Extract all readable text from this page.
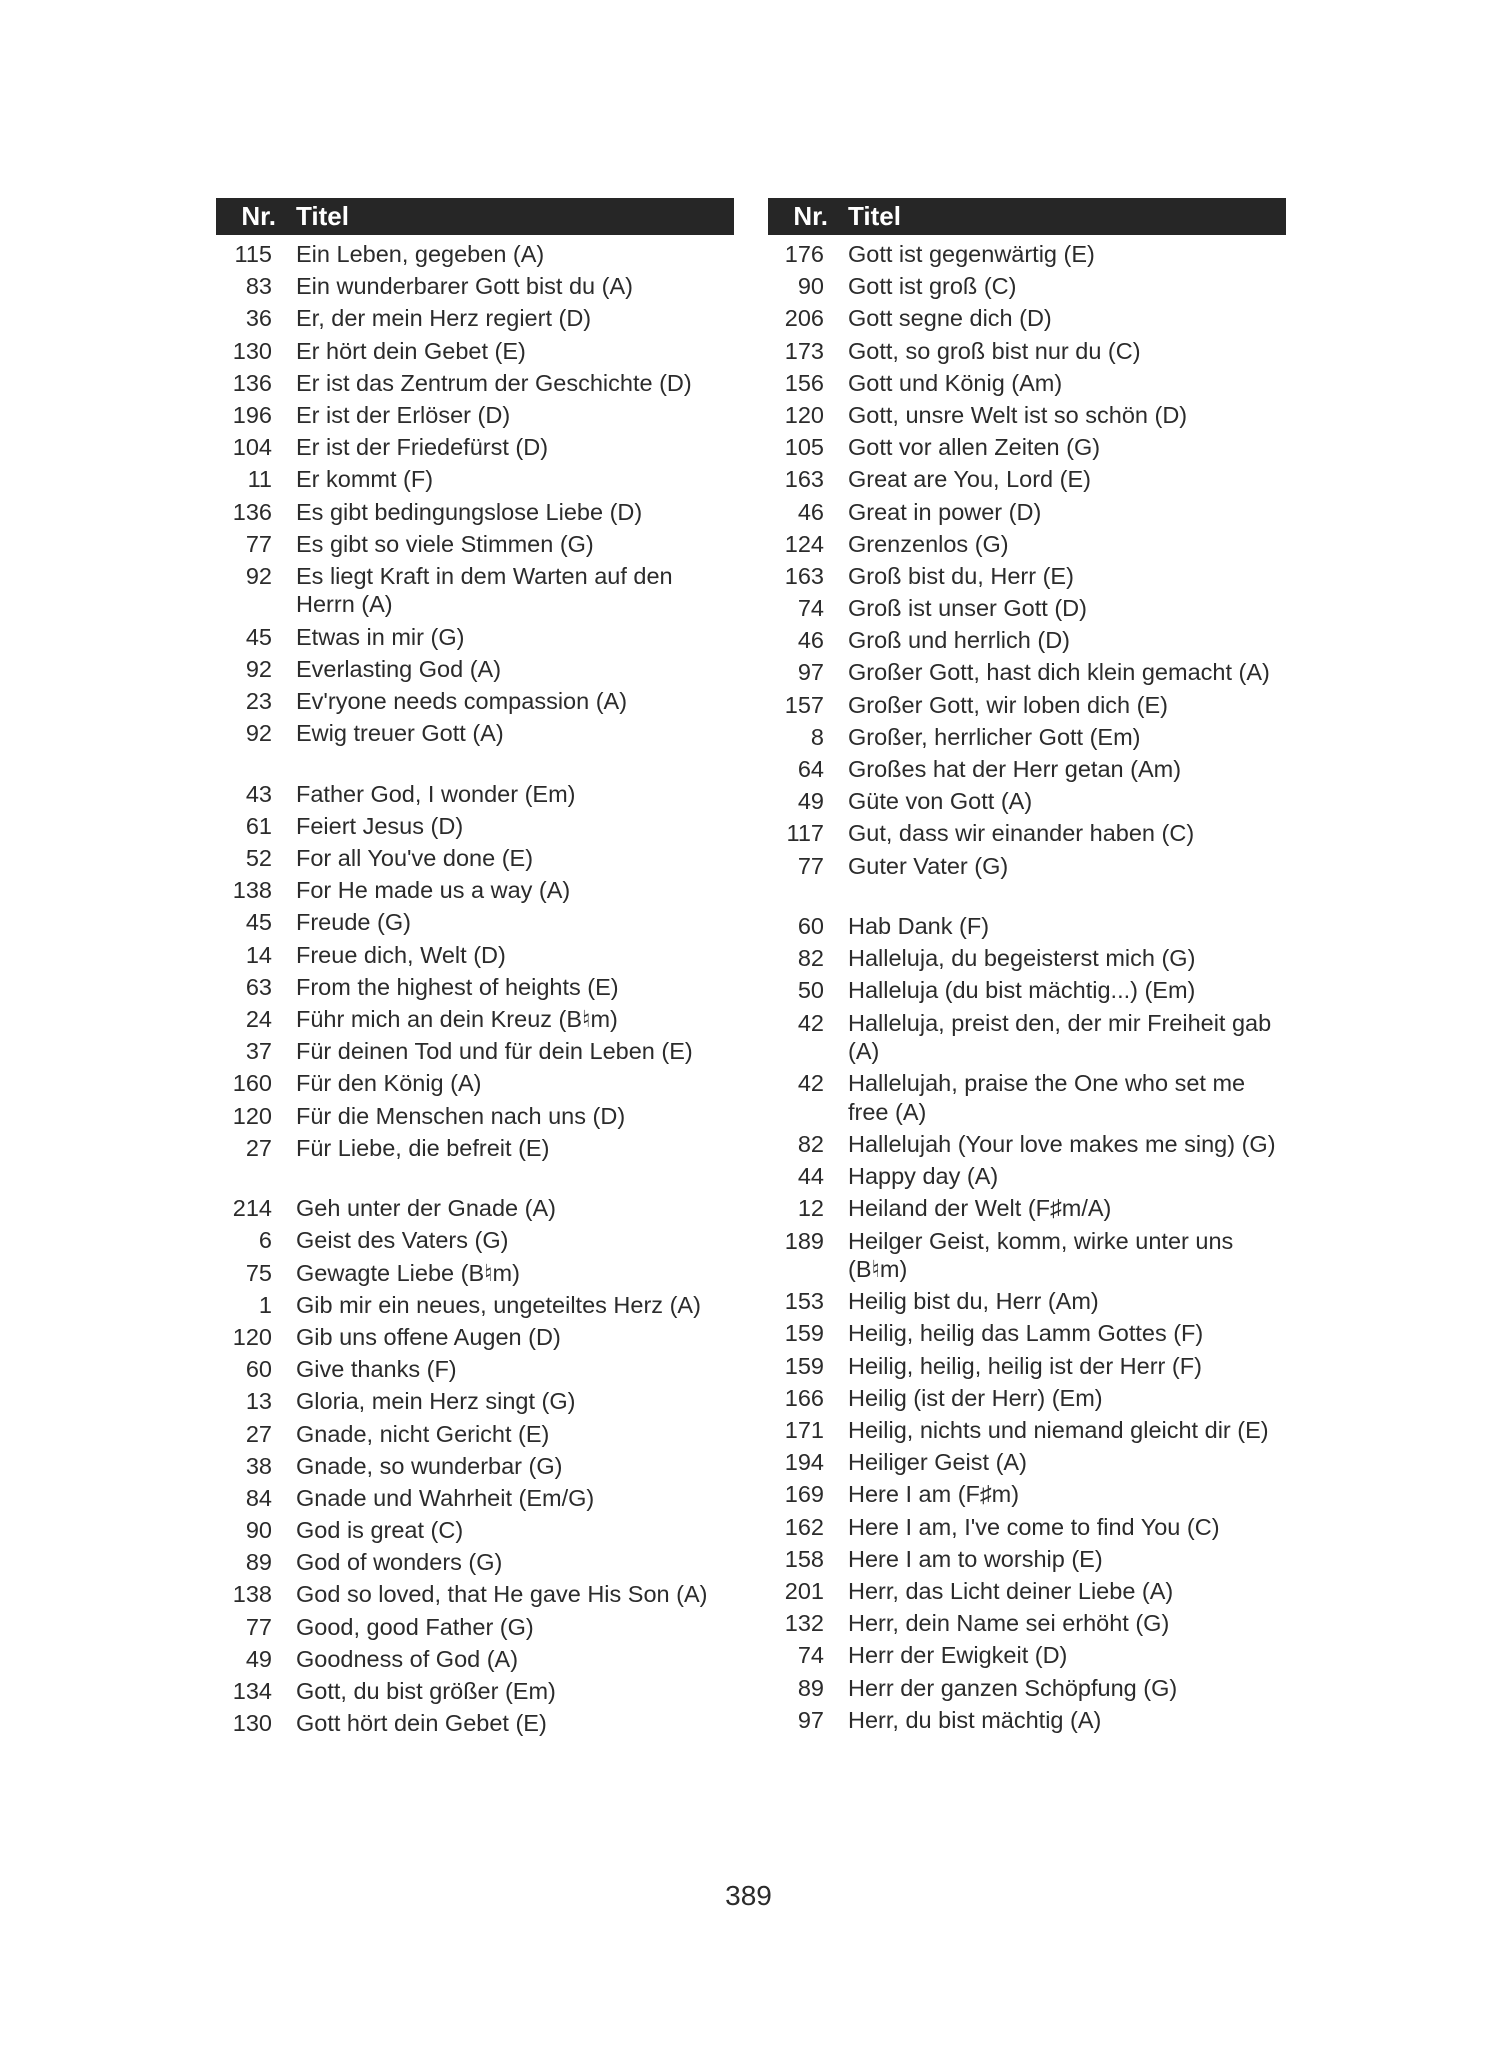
Nr. Titel
115 Ein Leben, gegeben (A)
83 Ein wunderbarer Gott bist du (A)
36 Er, der mein Herz regiert (D)
130 Er hört dein Gebet (E)
136 Er ist das Zentrum der Geschichte (D)
196 Er ist der Erlöser (D)
104 Er ist der Friedefürst (D)
11 Er kommt (F)
136 Es gibt bedingungslose Liebe (D)
77 Es gibt so viele Stimmen (G)
92 Es liegt Kraft in dem Warten auf den Herrn (A)
45 Etwas in mir (G)
92 Everlasting God (A)
23 Ev'ryone needs compassion (A)
92 Ewig treuer Gott (A)
43 Father God, I wonder (Em)
61 Feiert Jesus (D)
52 For all You've done (E)
138 For He made us a way (A)
45 Freude (G)
14 Freue dich, Welt (D)
63 From the highest of heights (E)
24 Führ mich an dein Kreuz (B♮m)
37 Für deinen Tod und für dein Leben (E)
160 Für den König (A)
120 Für die Menschen nach uns (D)
27 Für Liebe, die befreit (E)
214 Geh unter der Gnade (A)
6 Geist des Vaters (G)
75 Gewagte Liebe (B♮m)
1 Gib mir ein neues, ungeteiltes Herz (A)
120 Gib uns offene Augen (D)
60 Give thanks (F)
13 Gloria, mein Herz singt (G)
27 Gnade, nicht Gericht (E)
38 Gnade, so wunderbar (G)
84 Gnade und Wahrheit (Em/G)
90 God is great (C)
89 God of wonders (G)
138 God so loved, that He gave His Son (A)
77 Good, good Father (G)
49 Goodness of God (A)
134 Gott, du bist größer (Em)
130 Gott hört dein Gebet (E)
Nr. Titel
176 Gott ist gegenwärtig (E)
90 Gott ist groß (C)
206 Gott segne dich (D)
173 Gott, so groß bist nur du (C)
156 Gott und König (Am)
120 Gott, unsre Welt ist so schön (D)
105 Gott vor allen Zeiten (G)
163 Great are You, Lord (E)
46 Great in power (D)
124 Grenzenlos (G)
163 Groß bist du, Herr (E)
74 Groß ist unser Gott (D)
46 Groß und herrlich (D)
97 Großer Gott, hast dich klein gemacht (A)
157 Großer Gott, wir loben dich (E)
8 Großer, herrlicher Gott (Em)
64 Großes hat der Herr getan (Am)
49 Güte von Gott (A)
117 Gut, dass wir einander haben (C)
77 Guter Vater (G)
60 Hab Dank (F)
82 Halleluja, du begeisterst mich (G)
50 Halleluja (du bist mächtig...) (Em)
42 Halleluja, preist den, der mir Freiheit gab (A)
42 Hallelujah, praise the One who set me free (A)
82 Hallelujah (Your love makes me sing) (G)
44 Happy day (A)
12 Heiland der Welt (F♯m/A)
189 Heilger Geist, komm, wirke unter uns (B♮m)
153 Heilig bist du, Herr (Am)
159 Heilig, heilig das Lamm Gottes (F)
159 Heilig, heilig, heilig ist der Herr (F)
166 Heilig (ist der Herr) (Em)
171 Heilig, nichts und niemand gleicht dir (E)
194 Heiliger Geist (A)
169 Here I am (F♯m)
162 Here I am, I've come to find You (C)
158 Here I am to worship (E)
201 Herr, das Licht deiner Liebe (A)
132 Herr, dein Name sei erhöht (G)
74 Herr der Ewigkeit (D)
89 Herr der ganzen Schöpfung (G)
97 Herr, du bist mächtig (A)
389
